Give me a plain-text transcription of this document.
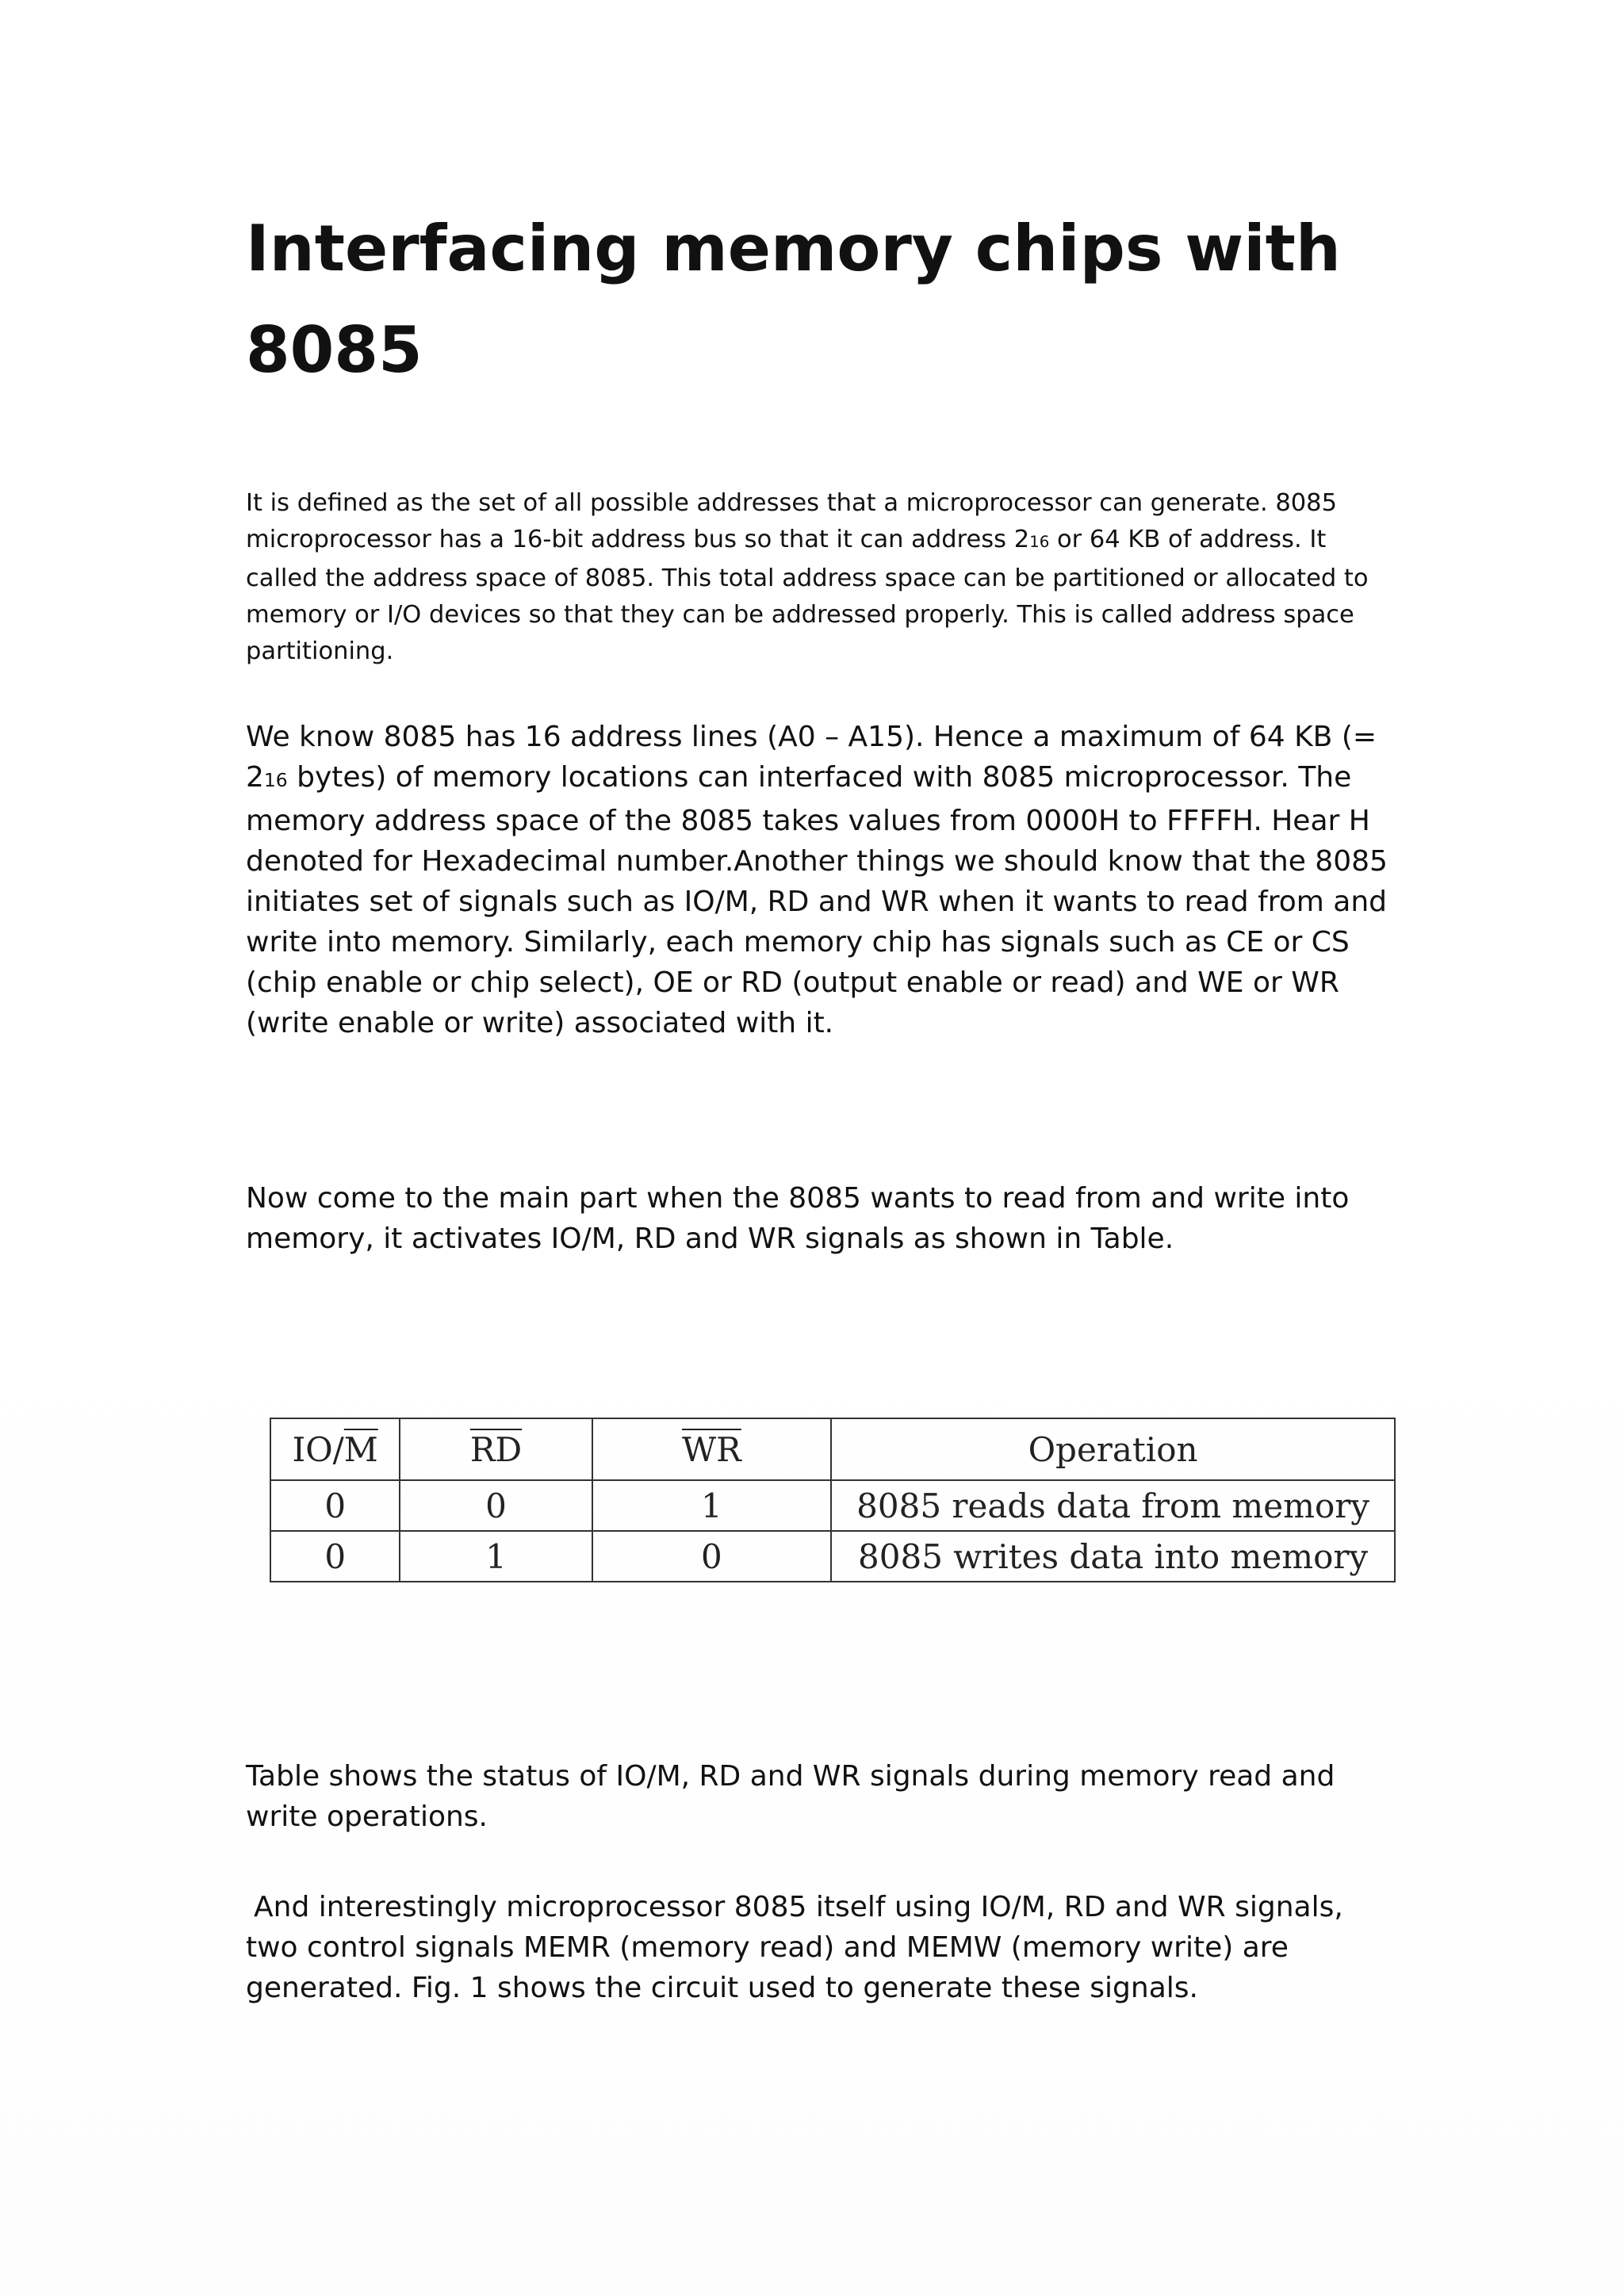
Interfacing memory chips with 8085

It is defined as the set of all possible addresses that a microprocessor can generate. 8085 microprocessor has a 16-bit address bus so that it can address 216 or 64 KB of address. It called the address space of 8085. This total address space can be partitioned or allocated to memory or I/O devices so that they can be addressed properly. This is called address space partitioning.

We know 8085 has 16 address lines (A0 – A15). Hence a maximum of 64 KB (= 216 bytes) of memory locations can interfaced with 8085 microprocessor. The memory address space of the 8085 takes values from 0000H to FFFFH. Hear H denoted for Hexadecimal number.Another things we should know that the 8085 initiates set of signals such as IO/M, RD and WR when it wants to read from and write into memory. Similarly, each memory chip has signals such as CE or CS (chip enable or chip select), OE or RD (output enable or read) and WE or WR (write enable or write) associated with it.

Now come to the main part when the 8085 wants to read from and write into memory, it activates IO/M, RD and WR signals as shown in Table.

$IO/\overline{M}$	$\overline{RD}$	$\overline{WR}$	Operation
0	0	1	8085 reads data from memory
0	1	0	8085 writes data into memory

Table shows the status of IO/M, RD and WR signals during memory read and write operations.

And interestingly microprocessor 8085 itself using IO/M, RD and WR signals, two control signals MEMR (memory read) and MEMW (memory write) are generated. Fig. 1 shows the circuit used to generate these signals.
